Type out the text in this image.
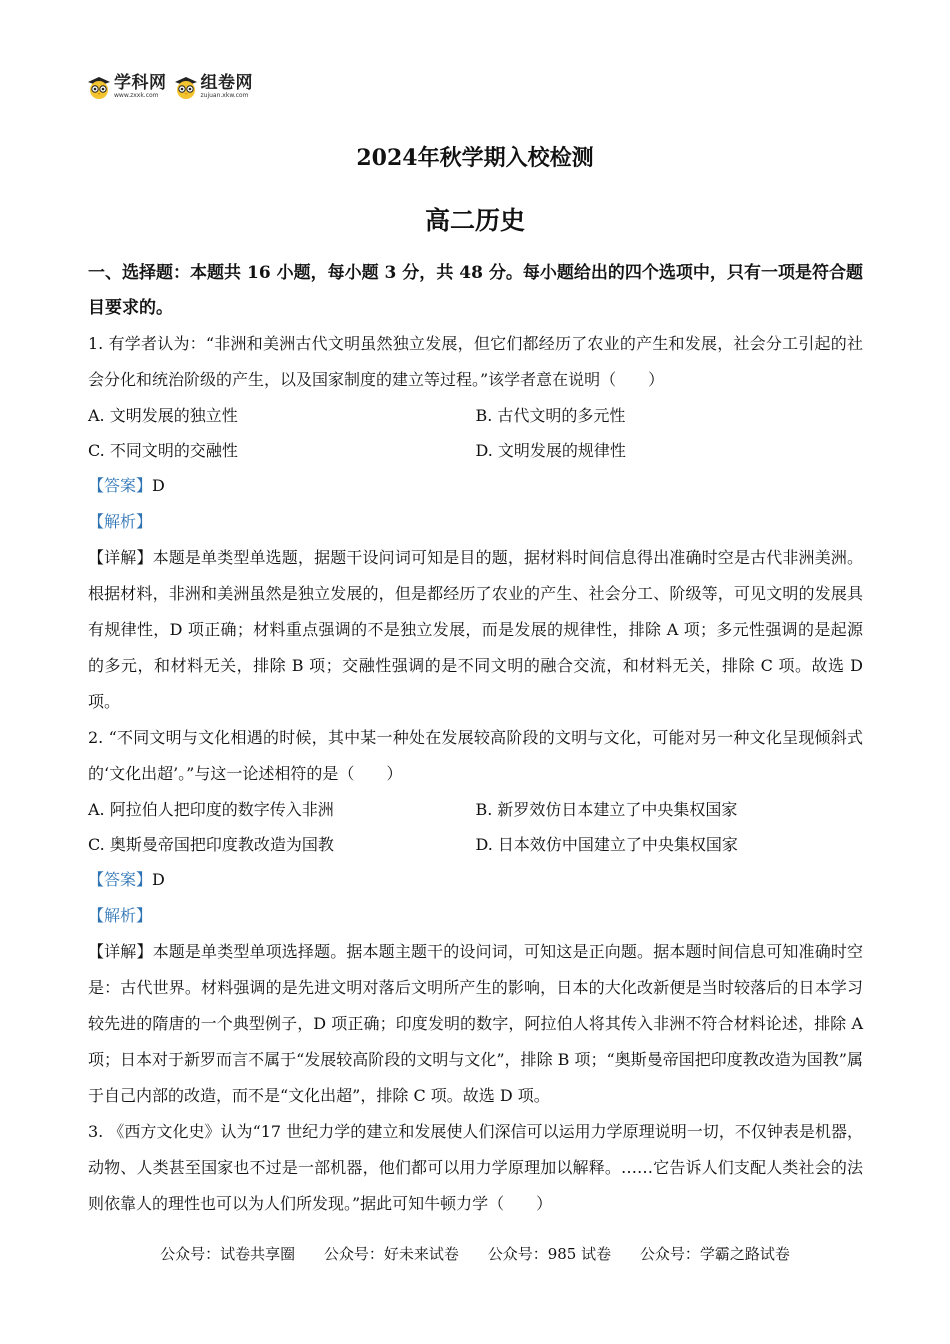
学科网
www.zxxk.com
组卷网
zujuan.xkw.com
2024年秋学期入校检测
高二历史
一、选择题：本题共 16 小题，每小题 3 分，共 48 分。每小题给出的四个选项中，只有一项是符合题目要求的。
1. 有学者认为：“非洲和美洲古代文明虽然独立发展，但它们都经历了农业的产生和发展，社会分工引起的社会分化和统治阶级的产生，以及国家制度的建立等过程。”该学者意在说明（　　）
A. 文明发展的独立性	B. 古代文明的多元性
C. 不同文明的交融性	D. 文明发展的规律性
【答案】D
【解析】
【详解】本题是单类型单选题，据题干设问词可知是目的题，据材料时间信息得出准确时空是古代非洲美洲。根据材料，非洲和美洲虽然是独立发展的，但是都经历了农业的产生、社会分工、阶级等，可见文明的发展具有规律性，D 项正确；材料重点强调的不是独立发展，而是发展的规律性，排除 A 项；多元性强调的是起源的多元，和材料无关，排除 B 项；交融性强调的是不同文明的融合交流，和材料无关，排除 C 项。故选 D 项。
2. “不同文明与文化相遇的时候，其中某一种处在发展较高阶段的文明与文化，可能对另一种文化呈现倾斜式的‘文化出超’。”与这一论述相符的是（　　）
A. 阿拉伯人把印度的数字传入非洲	B. 新罗效仿日本建立了中央集权国家
C. 奥斯曼帝国把印度教改造为国教	D. 日本效仿中国建立了中央集权国家
【答案】D
【解析】
【详解】本题是单类型单项选择题。据本题主题干的设问词，可知这是正向题。据本题时间信息可知准确时空是：古代世界。材料强调的是先进文明对落后文明所产生的影响，日本的大化改新便是当时较落后的日本学习较先进的隋唐的一个典型例子，D 项正确；印度发明的数字，阿拉伯人将其传入非洲不符合材料论述，排除 A 项；日本对于新罗而言不属于“发展较高阶段的文明与文化”，排除 B 项；“奥斯曼帝国把印度教改造为国教”属于自己内部的改造，而不是“文化出超”，排除 C 项。故选 D 项。
3. 《西方文化史》认为“17 世纪力学的建立和发展使人们深信可以运用力学原理说明一切，不仅钟表是机器，动物、人类甚至国家也不过是一部机器，他们都可以用力学原理加以解释。……它告诉人们支配人类社会的法则依靠人的理性也可以为人们所发现。”据此可知牛顿力学（　　）
公众号：试卷共享圈 公众号：好未来试卷 公众号：985 试卷 公众号：学霸之路试卷
